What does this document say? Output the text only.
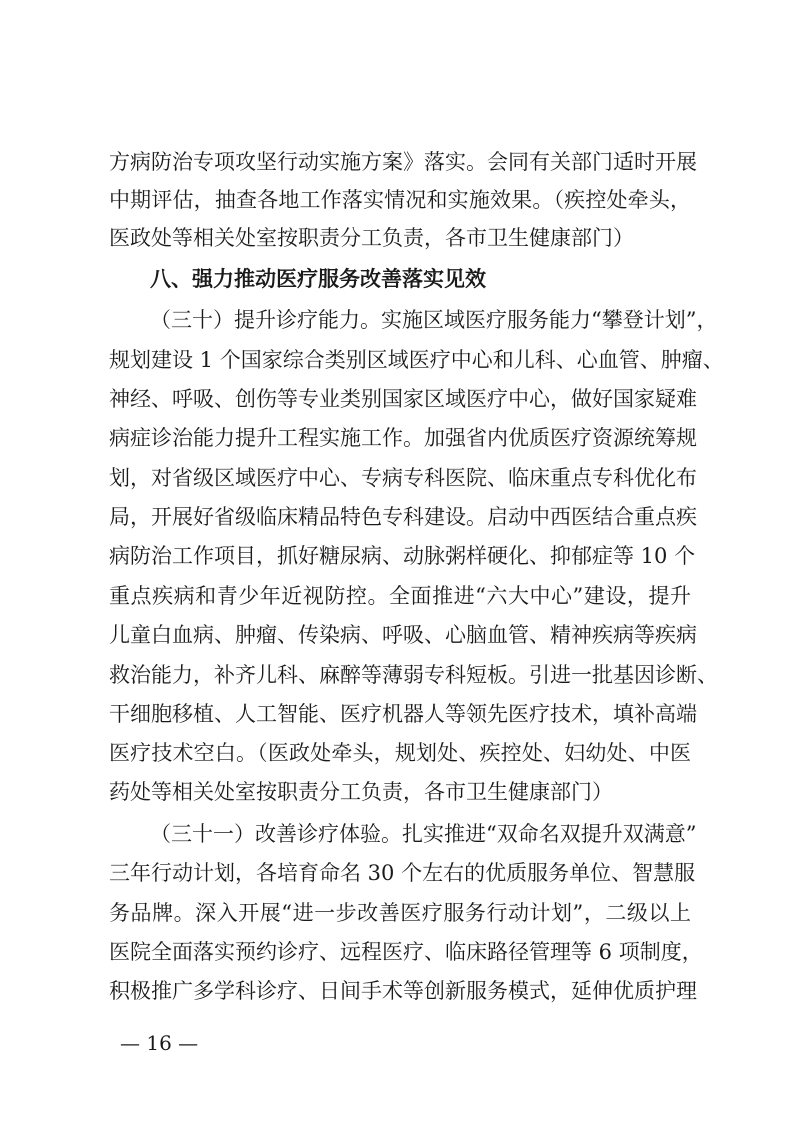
方病防治专项攻坚行动实施方案》落实。会同有关部门适时开展
中期评估，抽查各地工作落实情况和实施效果。（疾控处牵头，
医政处等相关处室按职责分工负责，各市卫生健康部门）
八、强力推动医疗服务改善落实见效
（三十）提升诊疗能力。实施区域医疗服务能力“攀登计划”，
规划建设 1 个国家综合类别区域医疗中心和儿科、心血管、肿瘤、
神经、呼吸、创伤等专业类别国家区域医疗中心，做好国家疑难
病症诊治能力提升工程实施工作。加强省内优质医疗资源统筹规
划，对省级区域医疗中心、专病专科医院、临床重点专科优化布
局，开展好省级临床精品特色专科建设。启动中西医结合重点疾
病防治工作项目，抓好糖尿病、动脉粥样硬化、抑郁症等 10 个
重点疾病和青少年近视防控。全面推进“六大中心”建设，提升
儿童白血病、肿瘤、传染病、呼吸、心脑血管、精神疾病等疾病
救治能力，补齐儿科、麻醉等薄弱专科短板。引进一批基因诊断、
干细胞移植、人工智能、医疗机器人等领先医疗技术，填补高端
医疗技术空白。（医政处牵头，规划处、疾控处、妇幼处、中医
药处等相关处室按职责分工负责，各市卫生健康部门）
（三十一）改善诊疗体验。扎实推进“双命名双提升双满意”
三年行动计划，各培育命名 30 个左右的优质服务单位、智慧服
务品牌。深入开展“进一步改善医疗服务行动计划”，二级以上
医院全面落实预约诊疗、远程医疗、临床路径管理等 6 项制度，
积极推广多学科诊疗、日间手术等创新服务模式，延伸优质护理
— 16 —
